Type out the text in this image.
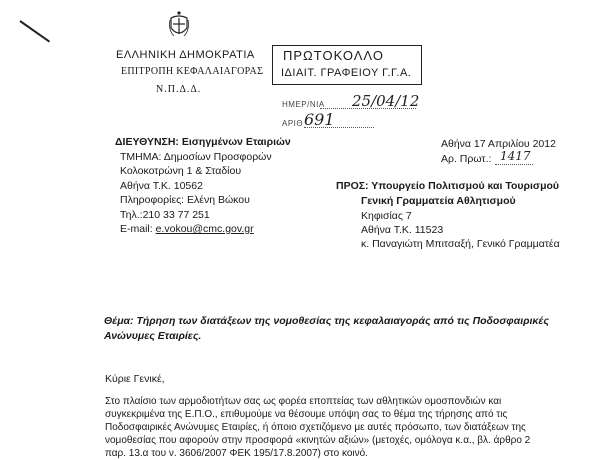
ΕΛΛΗΝΙΚΗ ΔΗΜΟΚΡΑΤΙΑ
ΕΠΙΤΡΟΠΗ ΚΕΦΑΛΑΙΑΓΟΡΑΣ
Ν.Π.Δ.Δ.
ΠΡΩΤΟΚΟΛΛΟ
ΙΔΙΑΙΤ. ΓΡΑΦΕΙΟΥ Γ.Γ.Α.
ΗΜΕΡ/ΝΙΑ 25/04/12
ΑΡΙΘ 691
ΔΙΕΥΘΥΝΣΗ: Εισηγμένων Εταιριών
ΤΜΗΜΑ: Δημοσίων Προσφορών
Κολοκοτρώνη 1 & Σταδίου
Αθήνα Τ.Κ. 10562
Πληροφορίες: Ελένη Βώκου
Τηλ.:210 33 77 251
E-mail: e.vokou@cmc.gov.gr
Αθήνα 17 Απριλίου 2012
Αρ. Πρωτ.: 1417
ΠΡΟΣ: Υπουργείο Πολιτισμού και Τουρισμού
Γενική Γραμματεία Αθλητισμού
Κηφισίας 7
Αθήνα Τ.Κ. 11523
κ. Παναγιώτη Μπιτσαξή, Γενικό Γραμματέα
Θέμα: Τήρηση των διατάξεων της νομοθεσίας της κεφαλαιαγοράς από τις Ποδοσφαιρικές
Ανώνυμες Εταιρίες.
Κύριε Γενικέ,
Στο πλαίσιο των αρμοδιοτήτων σας ως φορέα εποπτείας των αθλητικών ομοσπονδιών και
συγκεκριμένα της Ε.Π.Ο., επιθυμούμε να θέσουμε υπόψη σας το θέμα της τήρησης από τις
Ποδοσφαιρικές Ανώνυμες Εταιρίες, ή όποιο σχετιζόμενο με αυτές πρόσωπο, των διατάξεων της
νομοθεσίας που αφορούν στην προσφορά «κινητών αξιών» (μετοχές, ομόλογα κ.α., βλ. άρθρο 2
παρ. 13.α του ν. 3606/2007 ΦΕΚ 195/17.8.2007) στο κοινό.
